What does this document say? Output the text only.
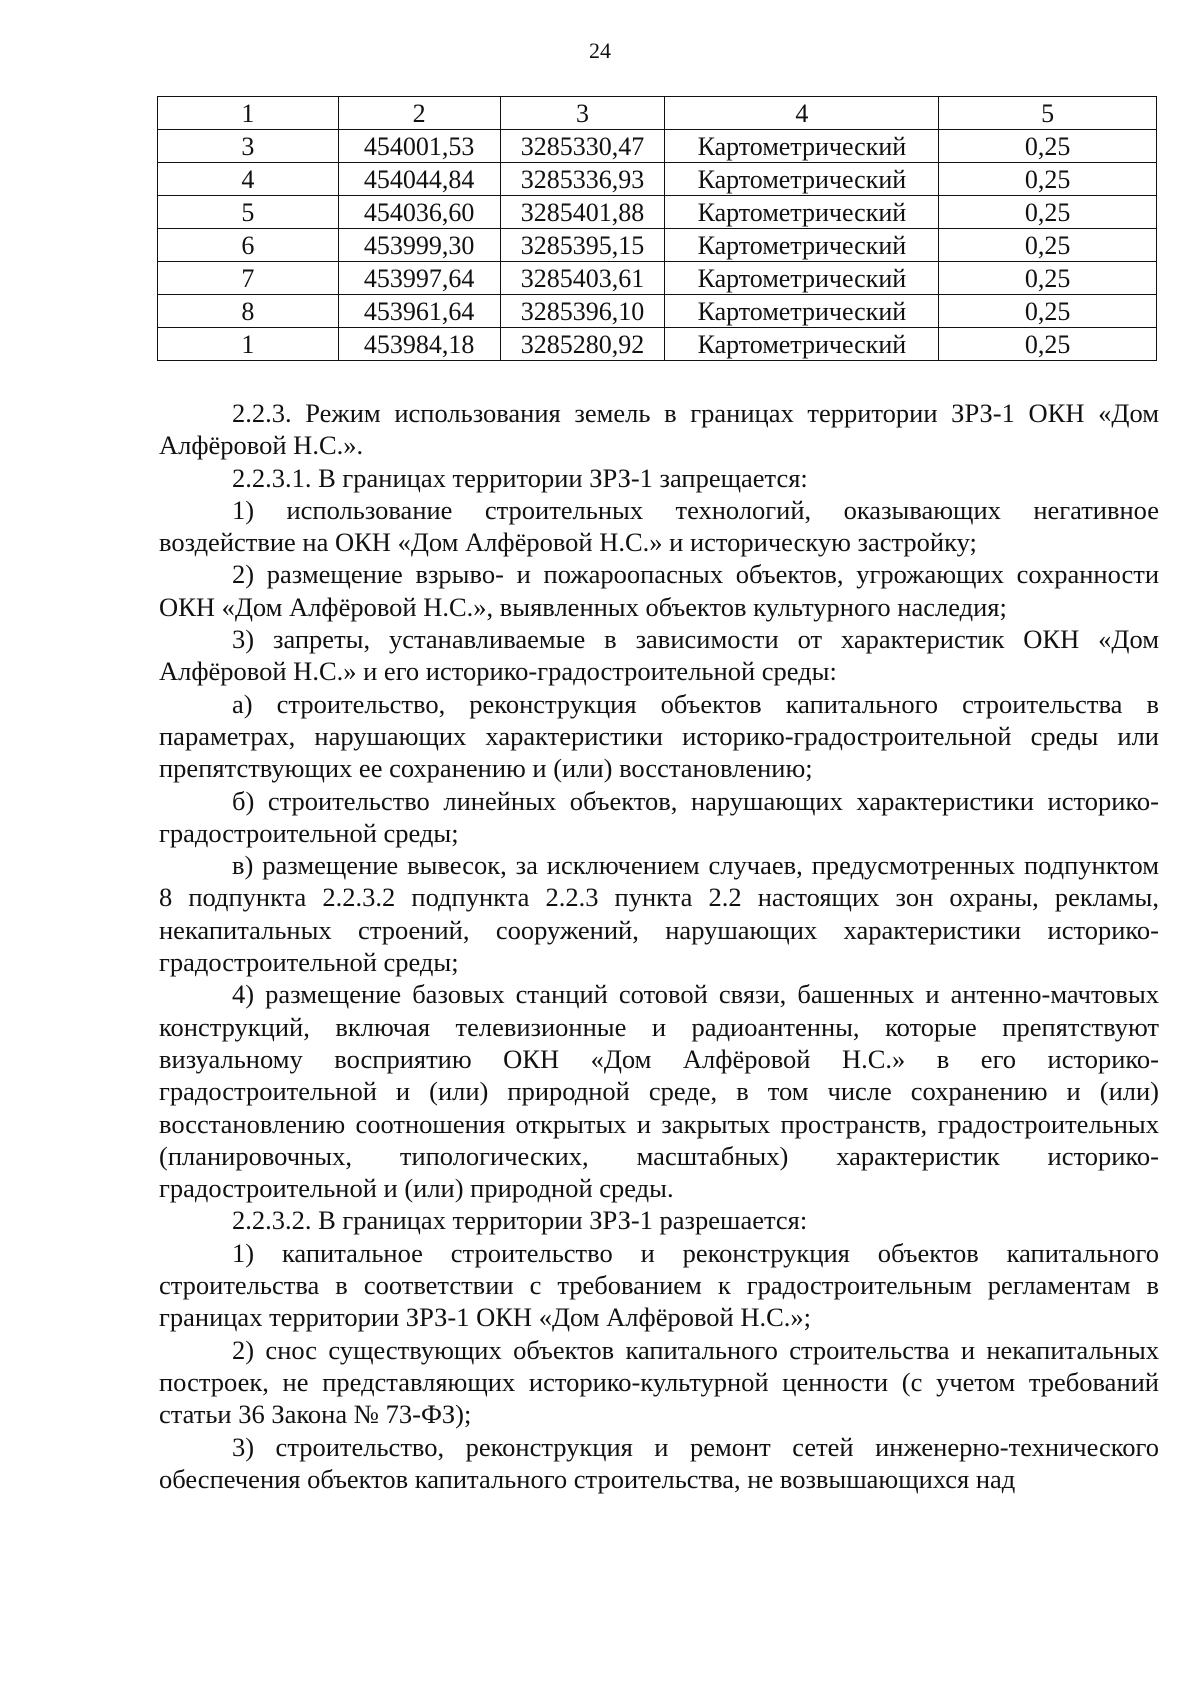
24
1	2	3	4	5
3	454001,53	3285330,47	Картометрический	0,25
4	454044,84	3285336,93	Картометрический	0,25
5	454036,60	3285401,88	Картометрический	0,25
6	453999,30	3285395,15	Картометрический	0,25
7	453997,64	3285403,61	Картометрический	0,25
8	453961,64	3285396,10	Картометрический	0,25
1	453984,18	3285280,92	Картометрический	0,25

2.2.3. Режим использования земель в границах территории ЗРЗ-1 ОКН «Дом Алфёровой Н.С.».

2.2.3.1. В границах территории ЗРЗ-1 запрещается:

1) использование строительных технологий, оказывающих негативное воздействие на ОКН «Дом Алфёровой Н.С.» и историческую застройку;

2) размещение взрыво- и пожароопасных объектов, угрожающих сохранности ОКН «Дом Алфёровой Н.С.», выявленных объектов культурного наследия;

3) запреты, устанавливаемые в зависимости от характеристик ОКН «Дом Алфёровой Н.С.» и его историко-градостроительной среды:

а) строительство, реконструкция объектов капитального строительства в параметрах, нарушающих характеристики историко-градостроительной среды или препятствующих ее сохранению и (или) восстановлению;

б) строительство линейных объектов, нарушающих характеристики историко-градостроительной среды;

в) размещение вывесок, за исключением случаев, предусмотренных подпунктом 8 подпункта 2.2.3.2 подпункта 2.2.3 пункта 2.2 настоящих зон охраны, рекламы, некапитальных строений, сооружений, нарушающих характеристики историко-градостроительной среды;

4) размещение базовых станций сотовой связи, башенных и антенно-мачтовых конструкций, включая телевизионные и радиоантенны, которые препятствуют визуальному восприятию ОКН «Дом Алфёровой Н.С.» в его историко-градостроительной и (или) природной среде, в том числе сохранению и (или) восстановлению соотношения открытых и закрытых пространств, градостроительных (планировочных, типологических, масштабных) характеристик историко-градостроительной и (или) природной среды.

2.2.3.2. В границах территории ЗРЗ-1 разрешается:

1) капитальное строительство и реконструкция объектов капитального строительства в соответствии с требованием к градостроительным регламентам в границах территории ЗРЗ-1 ОКН «Дом Алфёровой Н.С.»;

2) снос существующих объектов капитального строительства и некапитальных построек, не представляющих историко-культурной ценности (с учетом требований статьи 36 Закона № 73-ФЗ);

3) строительство, реконструкция и ремонт сетей инженерно-технического обеспечения объектов капитального строительства, не возвышающихся над
